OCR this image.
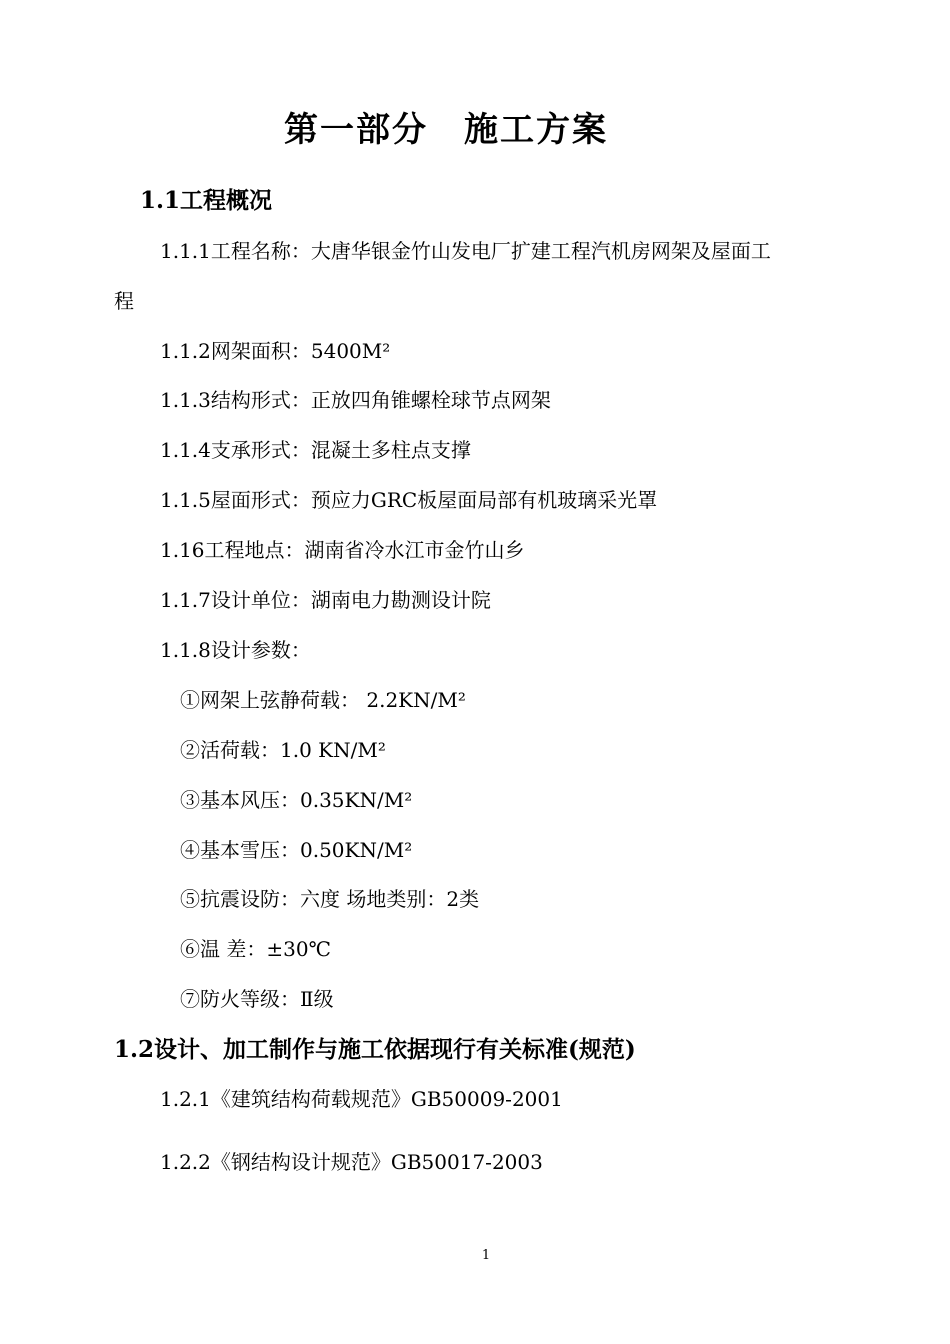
第一部分　施工方案
1.1工程概况
1.1.1工程名称：大唐华银金竹山发电厂扩建工程汽机房网架及屋面工
程
1.1.2网架面积：5400M²
1.1.3结构形式：正放四角锥螺栓球节点网架
1.1.4支承形式：混凝土多柱点支撑
1.1.5屋面形式：预应力GRC板屋面局部有机玻璃采光罩
1.16工程地点：湖南省冷水江市金竹山乡
1.1.7设计单位：湖南电力勘测设计院
1.1.8设计参数：
①网架上弦静荷载： 2.2KN/M²
②活荷载：1.0 KN/M²
③基本风压：0.35KN/M²
④基本雪压：0.50KN/M²
⑤抗震设防：六度 场地类别：2类
⑥温 差：±30℃
⑦防火等级：Ⅱ级
1.2设计、加工制作与施工依据现行有关标准(规范)
1.2.1《建筑结构荷载规范》GB50009-2001
1.2.2《钢结构设计规范》GB50017-2003
1
